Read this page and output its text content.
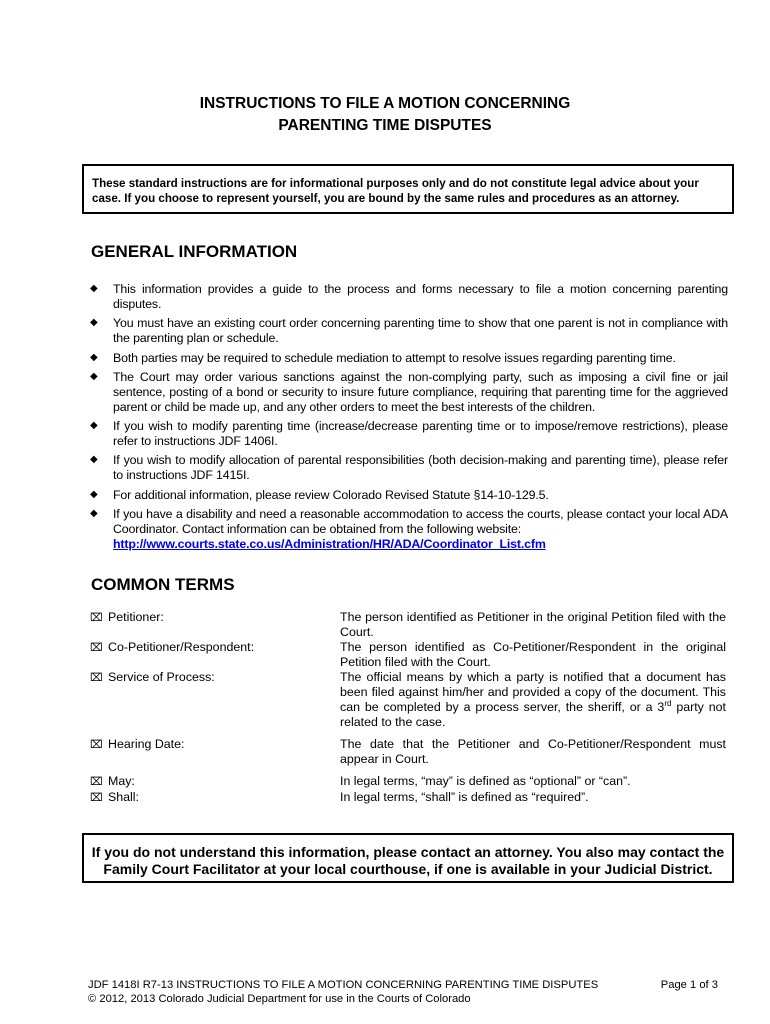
INSTRUCTIONS TO FILE A MOTION CONCERNING
PARENTING TIME DISPUTES
These standard instructions are for informational purposes only and do not constitute legal advice about your case. If you choose to represent yourself, you are bound by the same rules and procedures as an attorney.
GENERAL INFORMATION
◆ This information provides a guide to the process and forms necessary to file a motion concerning parenting disputes.
◆ You must have an existing court order concerning parenting time to show that one parent is not in compliance with the parenting plan or schedule.
◆ Both parties may be required to schedule mediation to attempt to resolve issues regarding parenting time.
◆ The Court may order various sanctions against the non-complying party, such as imposing a civil fine or jail sentence, posting of a bond or security to insure future compliance, requiring that parenting time for the aggrieved parent or child be made up, and any other orders to meet the best interests of the children.
◆ If you wish to modify parenting time (increase/decrease parenting time or to impose/remove restrictions), please refer to instructions JDF 1406I.
◆ If you wish to modify allocation of parental responsibilities (both decision-making and parenting time), please refer to instructions JDF 1415I.
◆ For additional information, please review Colorado Revised Statute §14-10-129.5.
◆ If you have a disability and need a reasonable accommodation to access the courts, please contact your local ADA Coordinator. Contact information can be obtained from the following website:
http://www.courts.state.co.us/Administration/HR/ADA/Coordinator_List.cfm
COMMON TERMS
⌧ Petitioner:	The person identified as Petitioner in the original Petition filed with the Court.
⌧ Co-Petitioner/Respondent:	The person identified as Co-Petitioner/Respondent in the original Petition filed with the Court.
⌧ Service of Process:	The official means by which a party is notified that a document has been filed against him/her and provided a copy of the document. This can be completed by a process server, the sheriff, or a 3rd party not related to the case.
⌧ Hearing Date:	The date that the Petitioner and Co-Petitioner/Respondent must appear in Court.
⌧ May:	In legal terms, “may” is defined as “optional” or “can”.
⌧ Shall:	In legal terms, “shall” is defined as “required”.
If you do not understand this information, please contact an attorney. You also may contact the Family Court Facilitator at your local courthouse, if one is available in your Judicial District.
JDF 1418I R7-13 INSTRUCTIONS TO FILE A MOTION CONCERNING PARENTING TIME DISPUTES	Page 1 of 3
© 2012, 2013 Colorado Judicial Department for use in the Courts of Colorado
